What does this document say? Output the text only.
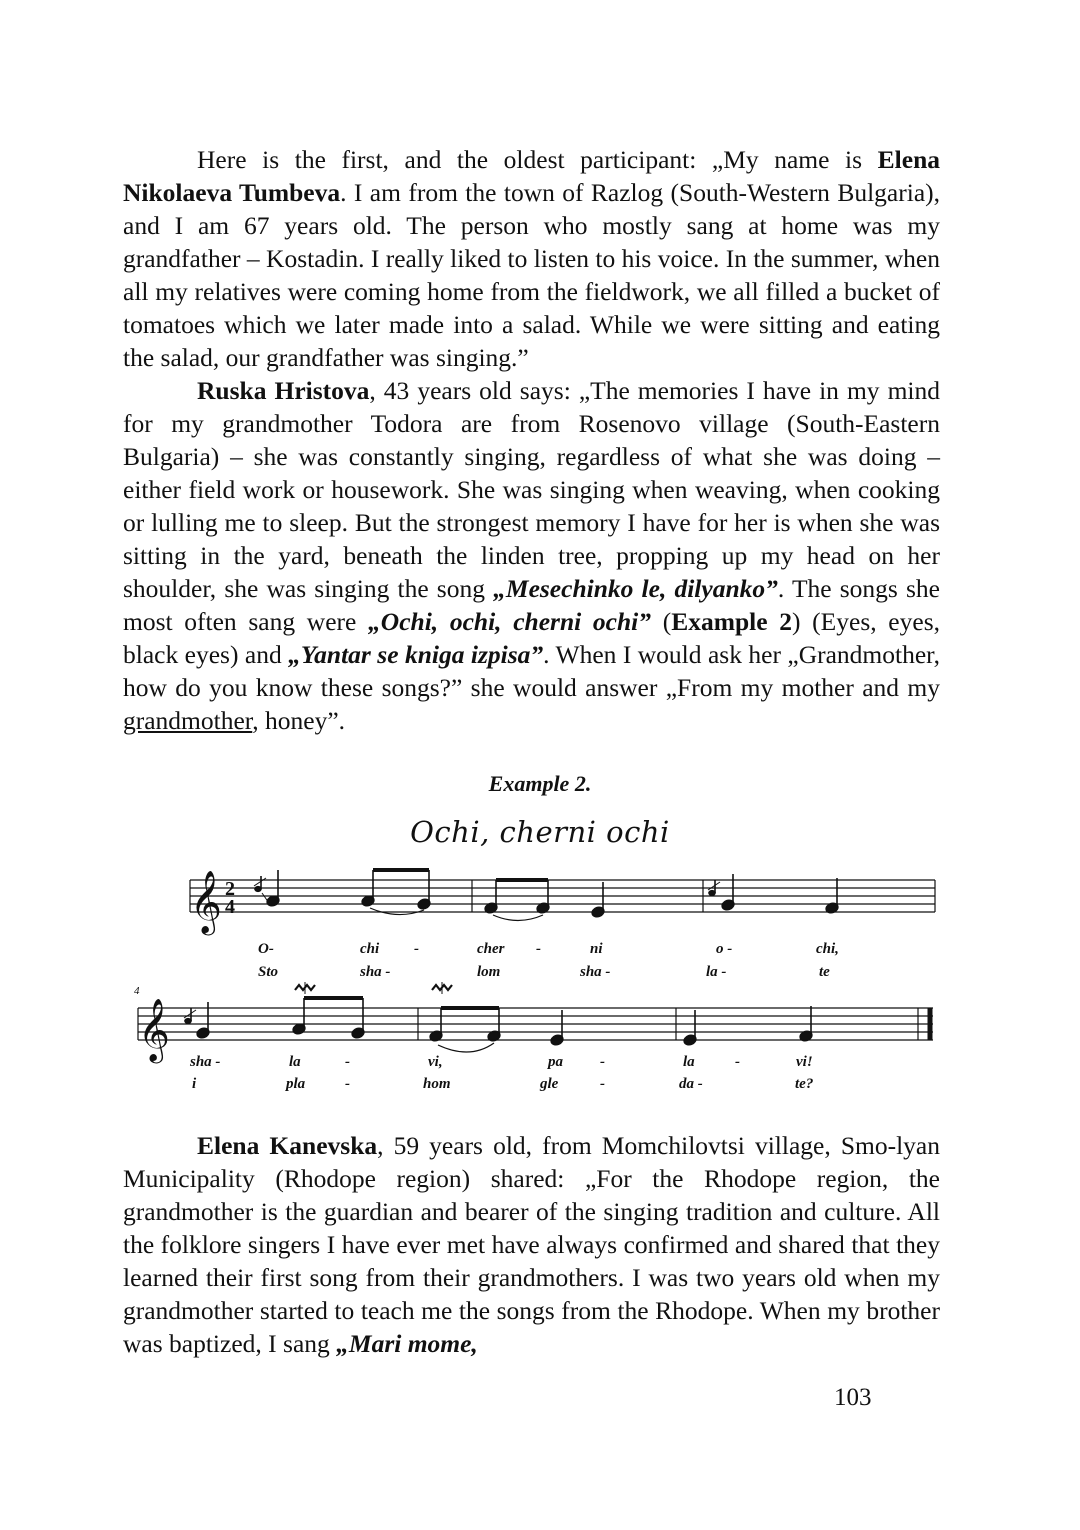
Here is the first, and the oldest participant: „My name is Elena Nikolaeva Tumbeva. I am from the town of Razlog (South-Western Bulgaria), and I am 67 years old. The person who mostly sang at home was my grandfather – Kostadin. I really liked to listen to his voice. In the summer, when all my relatives were coming home from the fieldwork, we all filled a bucket of tomatoes which we later made into a salad. While we were sitting and eating the salad, our grandfather was singing.”

Ruska Hristova, 43 years old says: „The memories I have in my mind for my grandmother Todora are from Rosenovo village (South-Eastern Bulgaria) – she was constantly singing, regardless of what she was doing – either field work or housework. She was singing when weaving, when cooking or lulling me to sleep. But the strongest memory I have for her is when she was sitting in the yard, beneath the linden tree, propping up my head on her shoulder, she was singing the song „Mesechinko le, dilyanko”. The songs she most often sang were „Ochi, ochi, cherni ochi” (Example 2) (Eyes, eyes, black eyes) and „Yantar se kniga izpisa”. When I would ask her „Grandmother, how do you know these songs?” she would answer „From my mother and my grandmother, honey”.

Example 2.
Ochi, cherni ochi
𝄞 2
4
O-	chi -	cher -	ni	o -	chi,
Sto	sha -	lom	sha -	la -	te
4
𝄞
sha -	la	-	vi,	pa -	la	-	vi!
i	pla	-	hom	gle	-	da -	te?

Elena Kanevska, 59 years old, from Momchilovtsi village, Smo-lyan Municipality (Rhodope region) shared: „For the Rhodope region, the grandmother is the guardian and bearer of the singing tradition and culture. All the folklore singers I have ever met have always confirmed and shared that they learned their first song from their grandmothers. I was two years old when my grandmother started to teach me the songs from the Rhodope. When my brother was baptized, I sang „Mari mome,

103
